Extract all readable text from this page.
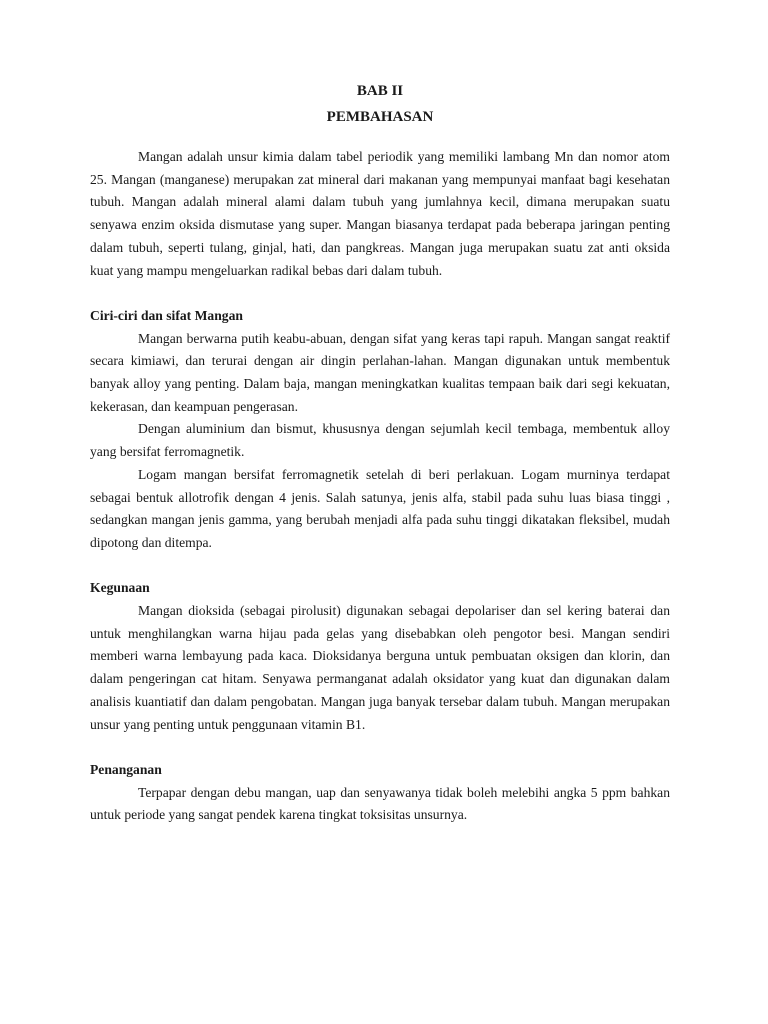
BAB II
PEMBAHASAN

Mangan adalah unsur kimia dalam tabel periodik yang memiliki lambang Mn dan nomor atom 25. Mangan (manganese) merupakan zat mineral dari makanan yang mempunyai manfaat bagi kesehatan tubuh. Mangan adalah mineral alami dalam tubuh yang jumlahnya kecil, dimana merupakan suatu senyawa enzim oksida dismutase yang super. Mangan biasanya terdapat pada beberapa jaringan penting dalam tubuh, seperti tulang, ginjal, hati, dan pangkreas. Mangan juga merupakan suatu zat anti oksida kuat yang mampu mengeluarkan radikal bebas dari dalam tubuh.

Ciri-ciri dan sifat Mangan

Mangan berwarna putih keabu-abuan, dengan sifat yang keras tapi rapuh. Mangan sangat reaktif secara kimiawi, dan terurai dengan air dingin perlahan-lahan. Mangan digunakan untuk membentuk banyak alloy yang penting. Dalam baja, mangan meningkatkan kualitas tempaan baik dari segi kekuatan, kekerasan, dan keampuan pengerasan.

Dengan aluminium dan bismut, khususnya dengan sejumlah kecil tembaga, membentuk alloy yang bersifat ferromagnetik.

Logam mangan bersifat ferromagnetik setelah di beri perlakuan. Logam murninya terdapat sebagai bentuk allotrofik dengan 4 jenis. Salah satunya, jenis alfa, stabil pada suhu luas biasa tinggi , sedangkan mangan jenis gamma, yang berubah menjadi alfa pada suhu tinggi dikatakan fleksibel, mudah dipotong dan ditempa.

Kegunaan

Mangan dioksida (sebagai pirolusit) digunakan sebagai depolariser dan sel kering baterai dan untuk menghilangkan warna hijau pada gelas yang disebabkan oleh pengotor besi. Mangan sendiri memberi warna lembayung pada kaca. Dioksidanya berguna untuk pembuatan oksigen dan klorin, dan dalam pengeringan cat hitam. Senyawa permanganat adalah oksidator yang kuat dan digunakan dalam analisis kuantiatif dan dalam pengobatan. Mangan juga banyak tersebar dalam tubuh. Mangan merupakan unsur yang penting untuk penggunaan vitamin B1.

Penanganan

Terpapar dengan debu mangan, uap dan senyawanya tidak boleh melebihi angka 5 ppm bahkan untuk periode yang sangat pendek karena tingkat toksisitas unsurnya.
